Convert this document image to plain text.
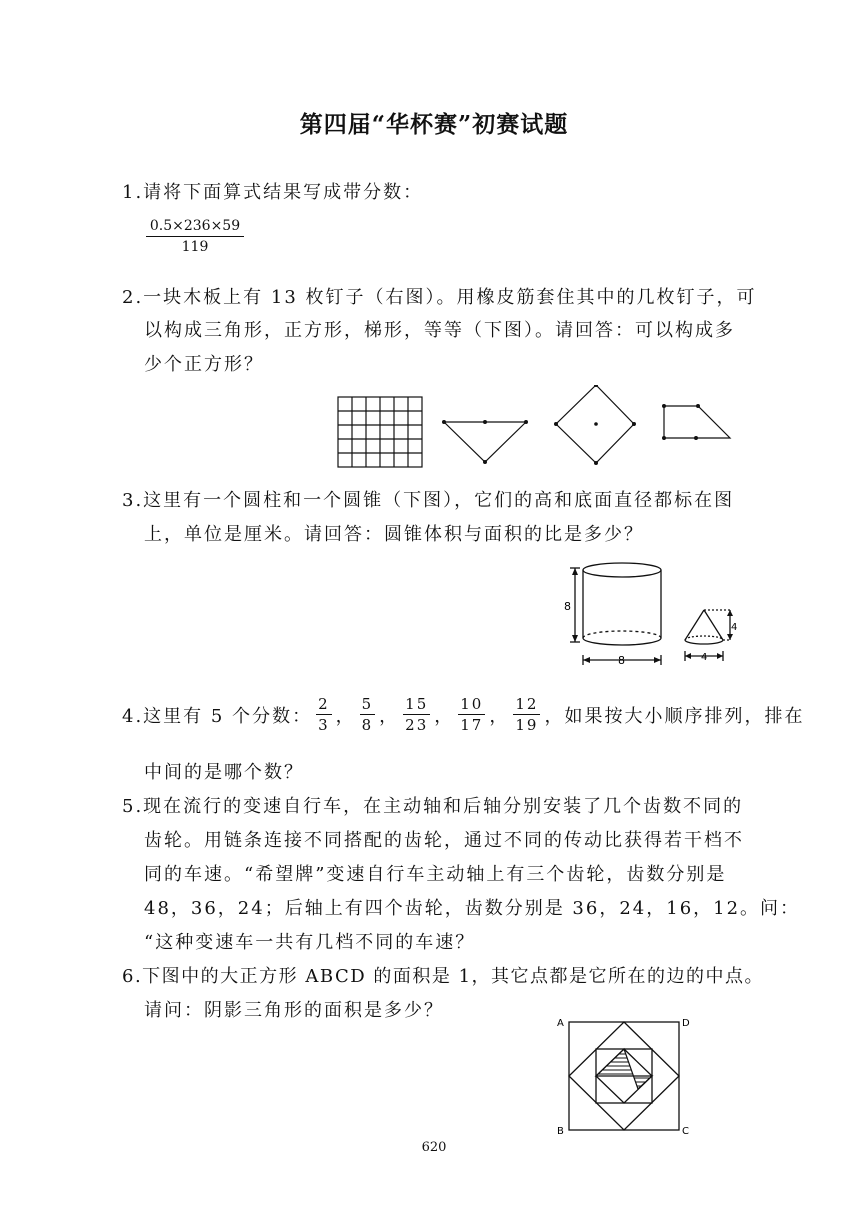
第四届“华杯赛”初赛试题
1.请将下面算式结果写成带分数：
$\frac{0.5\times 236\times 59}{119}$
2.一块木板上有 13 枚钉子（右图）。用橡皮筋套住其中的几枚钉子，可
以构成三角形，正方形，梯形，等等（下图）。请回答：可以构成多
少个正方形？
3.这里有一个圆柱和一个圆锥（下图），它们的高和底面直径都标在图
上，单位是厘米。请回答：圆锥体积与面积的比是多少？
8
8
4
4
4.这里有 5 个分数： $\frac{2}{3}$ ， $\frac{5}{8}$ ， $\frac{15}{23}$ ， $\frac{10}{17}$ ， $\frac{12}{19}$ ， 如果按大小顺序排列，排在
中间的是哪个数？
5.现在流行的变速自行车，在主动轴和后轴分别安装了几个齿数不同的
齿轮。用链条连接不同搭配的齿轮，通过不同的传动比获得若干档不
同的车速。“希望牌”变速自行车主动轴上有三个齿轮，齿数分别是
48，36，24；后轴上有四个齿轮，齿数分别是 36，24，16，12。问：
“这种变速车一共有几档不同的车速？
6.下图中的大正方形 ABCD 的面积是 1，其它点都是它所在的边的中点。
请问：阴影三角形的面积是多少？
A
B	C
D
620
